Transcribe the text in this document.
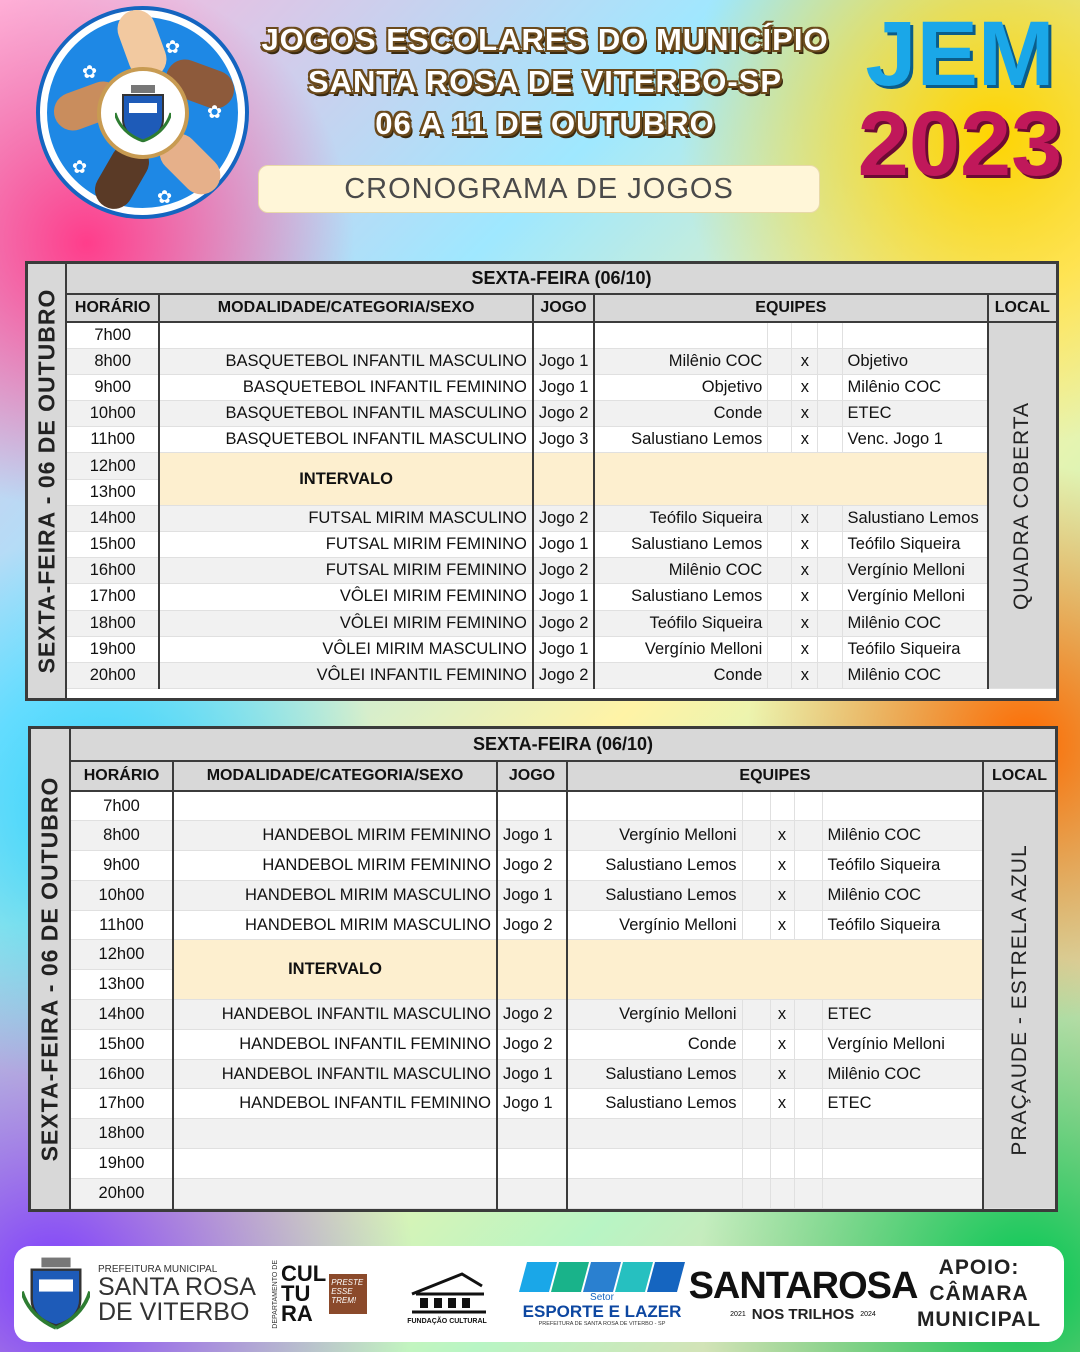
✿
✿
✿
✿
✿
JOGOS ESCOLARES DO MUNICÍPIO
SANTA ROSA DE VITERBO-SP
06 A 11 DE OUTUBRO
JEM
2023
CRONOGRAMA DE JOGOS
SEXTA-FEIRA - 06 DE OUTUBRO
SEXTA-FEIRA (06/10)								
HORÁRIO	MODALIDADE/CATEGORIA/SEXO	JOGO	EQUIPES					LOCAL
7h00								QUADRA COBERTA

8h00	BASQUETEBOL INFANTIL MASCULINO	Jogo 1	Milênio COC		x		Objetivo	
9h00	BASQUETEBOL INFANTIL FEMININO	Jogo 1	Objetivo		x		Milênio COC	
10h00	BASQUETEBOL INFANTIL MASCULINO	Jogo 2	Conde		x		ETEC	
11h00	BASQUETEBOL INFANTIL MASCULINO	Jogo 3	Salustiano Lemos		x		Venc. Jogo 1	
12h00	INTERVALO							
13h00								
14h00	FUTSAL MIRIM MASCULINO	Jogo 2	Teófilo Siqueira		x		Salustiano Lemos	
15h00	FUTSAL MIRIM FEMININO	Jogo 1	Salustiano Lemos		x		Teófilo Siqueira	
16h00	FUTSAL MIRIM FEMININO	Jogo 2	Milênio COC		x		Vergínio Melloni	
17h00	VÔLEI MIRIM FEMININO	Jogo 1	Salustiano Lemos		x		Vergínio Melloni	
18h00	VÔLEI MIRIM FEMININO	Jogo 2	Teófilo Siqueira		x		Milênio COC	
19h00	VÔLEI MIRIM MASCULINO	Jogo 1	Vergínio Melloni		x		Teófilo Siqueira	
20h00	VÔLEI INFANTIL FEMININO	Jogo 2	Conde		x		Milênio COC	
SEXTA-FEIRA - 06 DE OUTUBRO
SEXTA-FEIRA (06/10)								
HORÁRIO	MODALIDADE/CATEGORIA/SEXO	JOGO	EQUIPES					LOCAL
7h00								PRAÇAUDE - ESTRELA AZUL

8h00	HANDEBOL MIRIM FEMININO	Jogo 1	Vergínio Melloni		x		Milênio COC	
9h00	HANDEBOL MIRIM FEMININO	Jogo 2	Salustiano Lemos		x		Teófilo Siqueira	
10h00	HANDEBOL MIRIM MASCULINO	Jogo 1	Salustiano Lemos		x		Milênio COC	
11h00	HANDEBOL MIRIM MASCULINO	Jogo 2	Vergínio Melloni		x		Teófilo Siqueira	
12h00	INTERVALO							
13h00								
14h00	HANDEBOL INFANTIL MASCULINO	Jogo 2	Vergínio Melloni		x		ETEC	
15h00	HANDEBOL INFANTIL FEMININO	Jogo 2	Conde		x		Vergínio Melloni	
16h00	HANDEBOL INFANTIL MASCULINO	Jogo 1	Salustiano Lemos		x		Milênio COC	
17h00	HANDEBOL INFANTIL FEMININO	Jogo 1	Salustiano Lemos		x		ETEC	
18h00								
19h00								
20h00								
PREFEITURA MUNICIPAL
SANTA ROSA
DE VITERBO	DEPARTAMENTO DE CUL
TU
RA
PRESTE ESSE TREM!
FUNDAÇÃO CULTURAL
Setor
ESPORTE E LAZER
PREFEITURA DE SANTA ROSA DE VITERBO - SP
SANTAROSA
2021 NOS TRILHOS 2024
APOIO:
CÂMARA
MUNICIPAL
